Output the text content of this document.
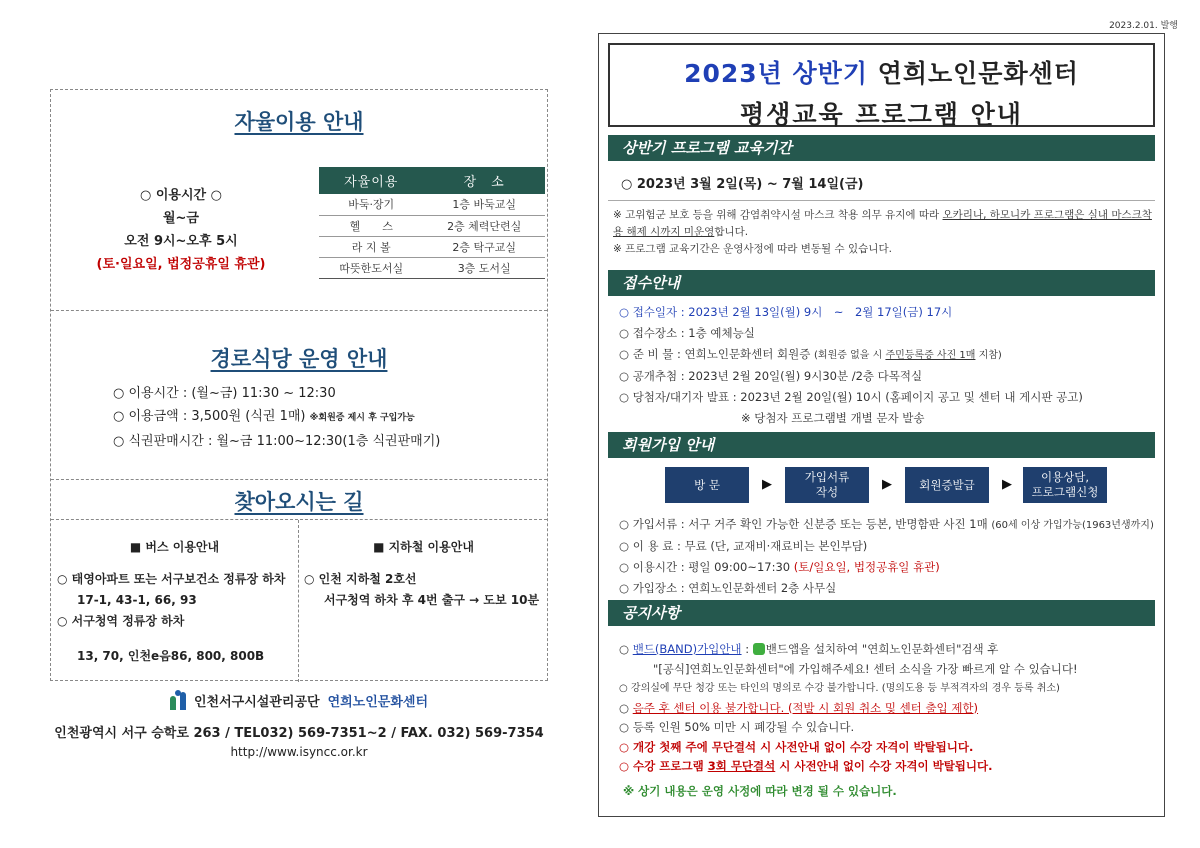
2023.2.01. 발행
자율이용 안내
○ 이용시간 ○
월~금
오전 9시~오후 5시
(토·일요일, 법정공휴일 휴관)
자율이용	장　소
바둑·장기	1층 바둑교실
헬　　스	2층 체력단련실
라 지 볼	2층 탁구교실
따뜻한도서실	3층 도서실
경로식당 운영 안내
○ 이용시간 : (월~금) 11:30 ~ 12:30
○ 이용금액 : 3,500원 (식권 1매) ※회원증 제시 후 구입가능
○ 식권판매시간 : 월~금 11:00~12:30(1층 식권판매기)
찾아오시는 길
■ 버스 이용안내
○ 태영아파트 또는 서구보건소 정류장 하차
17-1, 43-1, 66, 93
○ 서구청역 정류장 하차
13, 70, 인천e음86, 800, 800B
■ 지하철 이용안내
○ 인천 지하철 2호선
서구청역 하차 후 4번 출구 → 도보 10분
인천서구시설관리공단 연희노인문화센터
인천광역시 서구 승학로 263 / TEL032) 569-7351~2 / FAX. 032) 569-7354
http://www.isyncc.or.kr
2023년 상반기 연희노인문화센터
평생교육 프로그램 안내
상반기 프로그램 교육기간
○ 2023년 3월 2일(목) ~ 7월 14일(금)
※ 고위험군 보호 등을 위해 감염취약시설 마스크 착용 의무 유지에 따라 오카리나, 하모니카 프로그램은 실내 마스크착용 해제 시까지 미운영합니다.
※ 프로그램 교육기간은 운영사정에 따라 변동될 수 있습니다.
접수안내
○ 접수일자 : 2023년 2월 13일(월) 9시　~　2월 17일(금) 17시
○ 접수장소 : 1층 예체능실
○ 준 비 물 : 연희노인문화센터 회원증 (회원증 없을 시 주민등록증 사진 1매 지참)
○ 공개추첨 : 2023년 2월 20일(월) 9시30분 /2층 다목적실
○ 당첨자/대기자 발표 : 2023년 2월 20일(월) 10시 (홈페이지 공고 및 센터 내 게시판 공고)
※ 당첨자 프로그램별 개별 문자 발송
회원가입 안내
방 문	▶	가입서류
작성	▶	회원증발급	▶	이용상담,
프로그램신청
○ 가입서류 : 서구 거주 확인 가능한 신분증 또는 등본, 반명함판 사진 1매 (60세 이상 가입가능(1963년생까지)
○ 이 용 료 : 무료 (단, 교재비·재료비는 본인부담)
○ 이용시간 : 평일 09:00~17:30 (토/일요일, 법정공휴일 휴관)
○ 가입장소 : 연희노인문화센터 2층 사무실
공지사항
○ 밴드(BAND)가입안내 : 밴드앱을 설치하여 "연희노인문화센터"검색 후
"[공식]연희노인문화센터"에 가입해주세요! 센터 소식을 가장 빠르게 알 수 있습니다!
○ 강의실에 무단 청강 또는 타인의 명의로 수강 불가합니다. (명의도용 등 부적격자의 경우 등록 취소)
○ 음주 후 센터 이용 불가합니다. (적발 시 회원 취소 및 센터 출입 제한)
○ 등록 인원 50% 미만 시 폐강될 수 있습니다.
○ 개강 첫째 주에 무단결석 시 사전안내 없이 수강 자격이 박탈됩니다.
○ 수강 프로그램 3회 무단결석 시 사전안내 없이 수강 자격이 박탈됩니다.
※ 상기 내용은 운영 사정에 따라 변경 될 수 있습니다.
